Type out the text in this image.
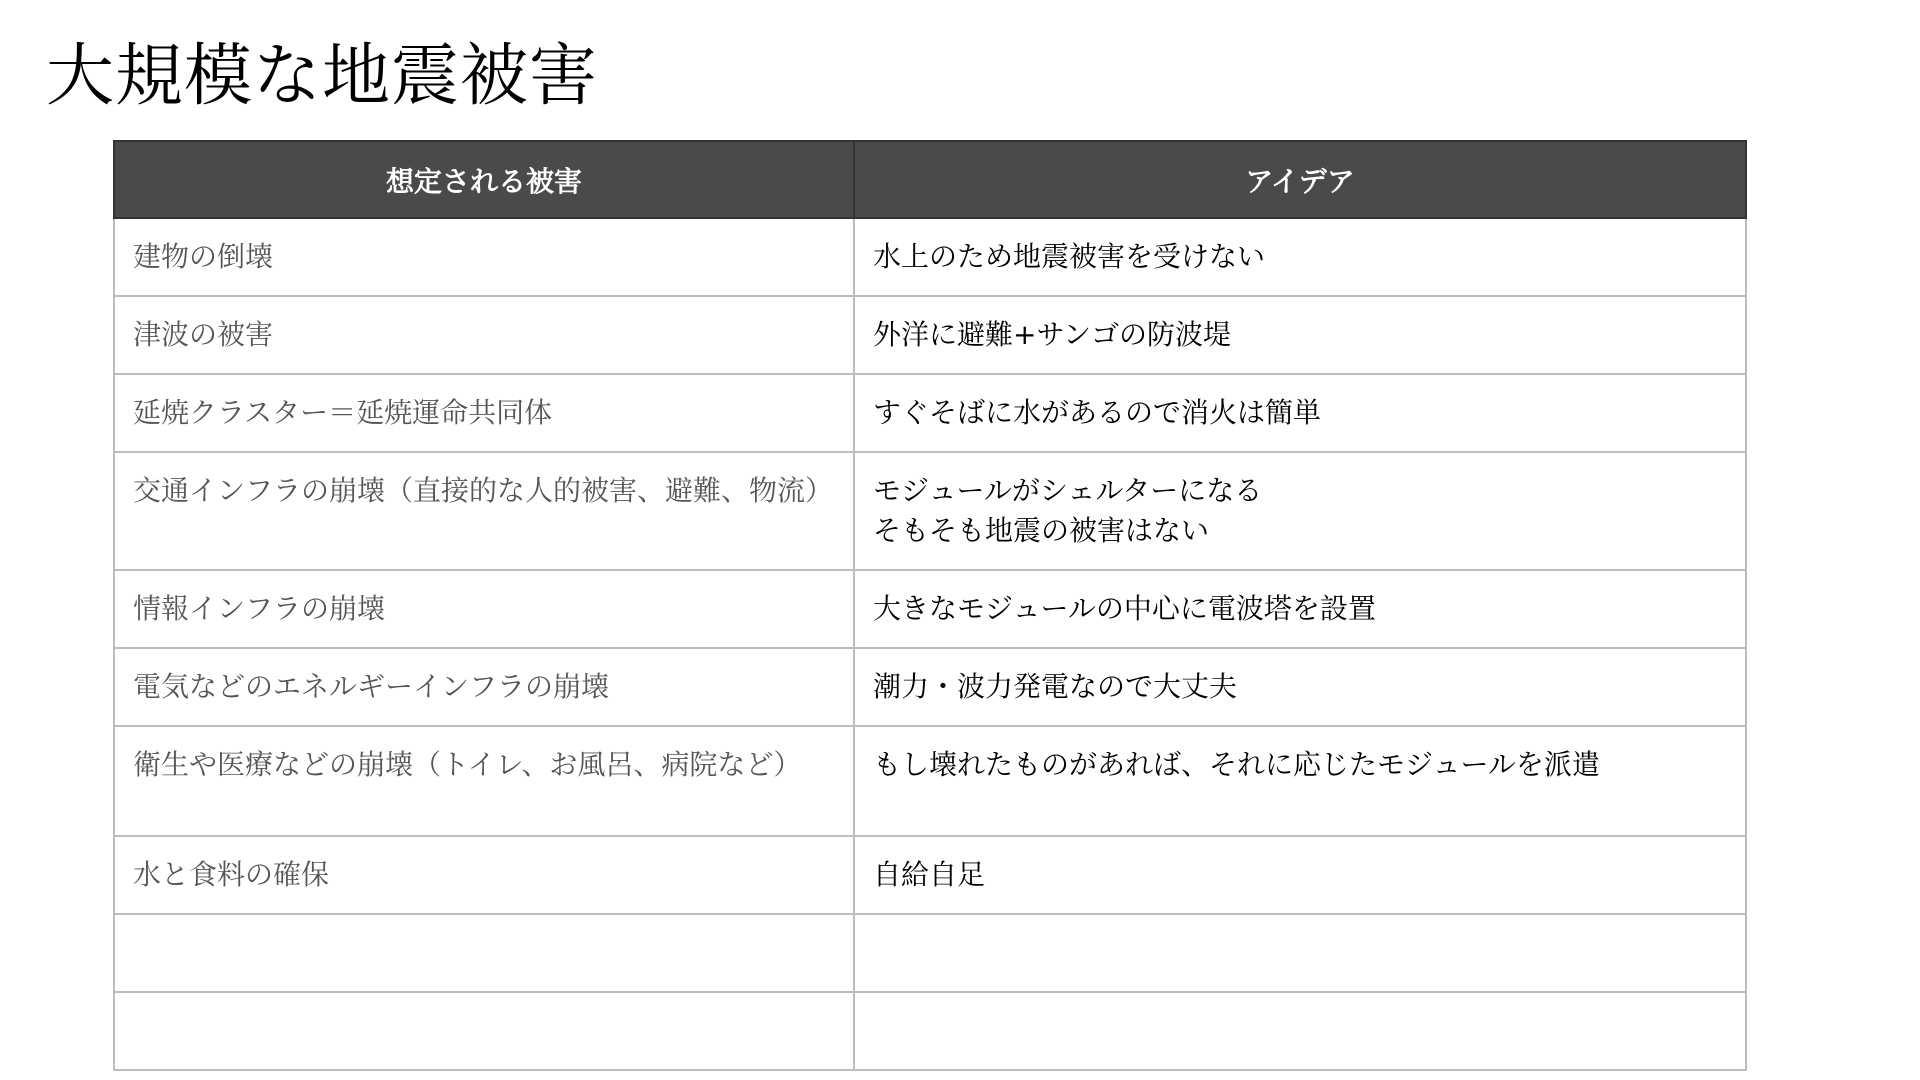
大規模な地震被害
想定される被害	アイデア
建物の倒壊	水上のため地震被害を受けない
津波の被害	外洋に避難+サンゴの防波堤
延焼クラスター＝延焼運命共同体	すぐそばに水があるので消火は簡単
交通インフラの崩壊（直接的な人的被害、避難、物流）	モジュールがシェルターになる
そもそも地震の被害はない
情報インフラの崩壊	大きなモジュールの中心に電波塔を設置
電気などのエネルギーインフラの崩壊	潮力・波力発電なので大丈夫
衛生や医療などの崩壊（トイレ、お風呂、病院など）	もし壊れたものがあれば、それに応じたモジュールを派遣
水と食料の確保	自給自足
